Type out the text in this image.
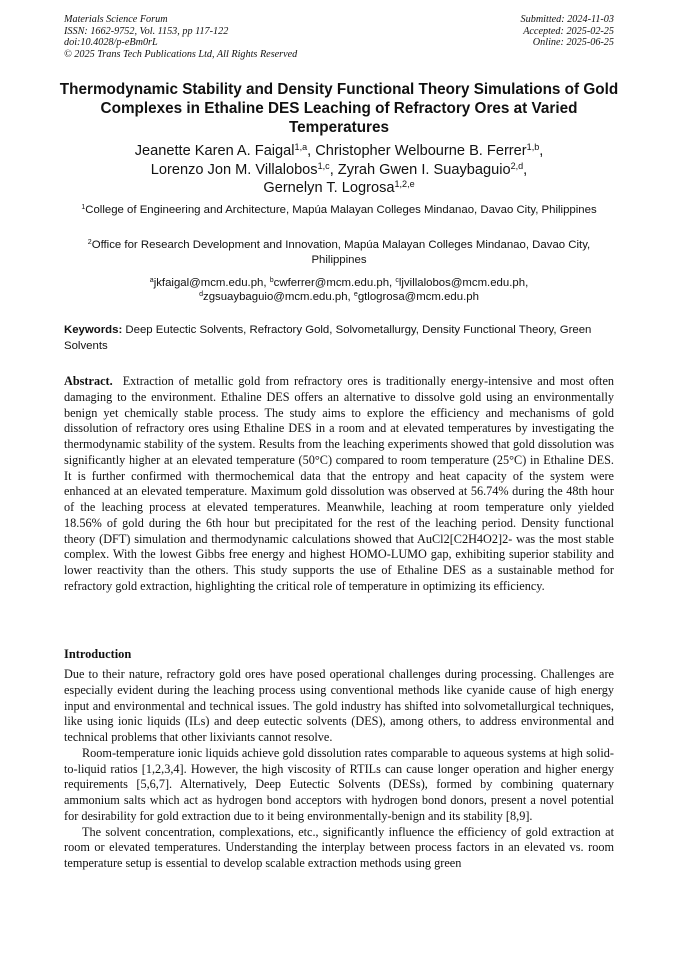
Materials Science Forum
ISSN: 1662-9752, Vol. 1153, pp 117-122
doi:10.4028/p-eBm0rL
© 2025 Trans Tech Publications Ltd, All Rights Reserved
Submitted: 2024-11-03
Accepted: 2025-02-25
Online: 2025-06-25
Thermodynamic Stability and Density Functional Theory Simulations of Gold Complexes in Ethaline DES Leaching of Refractory Ores at Varied Temperatures
Jeanette Karen A. Faigal$^{1,a}$, Christopher Welbourne B. Ferrer$^{1,b}$,
Lorenzo Jon M. Villalobos$^{1,c}$, Zyrah Gwen I. Suaybaguio$^{2,d}$,
Gernelyn T. Logrosa$^{1,2,e}$
$^1$College of Engineering and Architecture, Mapúa Malayan Colleges Mindanao, Davao City, Philippines
$^2$Office for Research Development and Innovation, Mapúa Malayan Colleges Mindanao, Davao City, Philippines
$^a$jkfaigal@mcm.edu.ph, $^b$cwferrer@mcm.edu.ph, $^c$ljvillalobos@mcm.edu.ph,
$^d$zgsuaybaguio@mcm.edu.ph, $^e$gtlogrosa@mcm.edu.ph
Keywords: Deep Eutectic Solvents, Refractory Gold, Solvometallurgy, Density Functional Theory, Green Solvents
Abstract. Extraction of metallic gold from refractory ores is traditionally energy-intensive and most often damaging to the environment. Ethaline DES offers an alternative to dissolve gold using an environmentally benign yet chemically stable process. The study aims to explore the efficiency and mechanisms of gold dissolution of refractory ores using Ethaline DES in a room and at elevated temperatures by investigating the thermodynamic stability of the system. Results from the leaching experiments showed that gold dissolution was significantly higher at an elevated temperature (50°C) compared to room temperature (25°C) in Ethaline DES. It is further confirmed with thermochemical data that the entropy and heat capacity of the system were enhanced at an elevated temperature. Maximum gold dissolution was observed at 56.74% during the 48th hour of the leaching process at elevated temperatures. Meanwhile, leaching at room temperature only yielded 18.56% of gold during the 6th hour but precipitated for the rest of the leaching period. Density functional theory (DFT) simulation and thermodynamic calculations showed that AuCl2[C2H4O2]2- was the most stable complex. With the lowest Gibbs free energy and highest HOMO-LUMO gap, exhibiting superior stability and lower reactivity than the others. This study supports the use of Ethaline DES as a sustainable method for refractory gold extraction, highlighting the critical role of temperature in optimizing its efficiency.
Introduction

Due to their nature, refractory gold ores have posed operational challenges during processing. Challenges are especially evident during the leaching process using conventional methods like cyanide cause of high energy input and environmental and technical issues. The gold industry has shifted into solvometallurgical techniques, like using ionic liquids (ILs) and deep eutectic solvents (DES), among others, to address environmental and technical problems that other lixiviants cannot resolve.

Room-temperature ionic liquids achieve gold dissolution rates comparable to aqueous systems at high solid-to-liquid ratios [1,2,3,4]. However, the high viscosity of RTILs can cause longer operation and higher energy requirements [5,6,7]. Alternatively, Deep Eutectic Solvents (DESs), formed by combining quaternary ammonium salts which act as hydrogen bond acceptors with hydrogen bond donors, present a novel potential for desirability for gold extraction due to it being environmentally-benign and its stability [8,9].

The solvent concentration, complexations, etc., significantly influence the efficiency of gold extraction at room or elevated temperatures. Understanding the interplay between process factors in an elevated vs. room temperature setup is essential to develop scalable extraction methods using green
